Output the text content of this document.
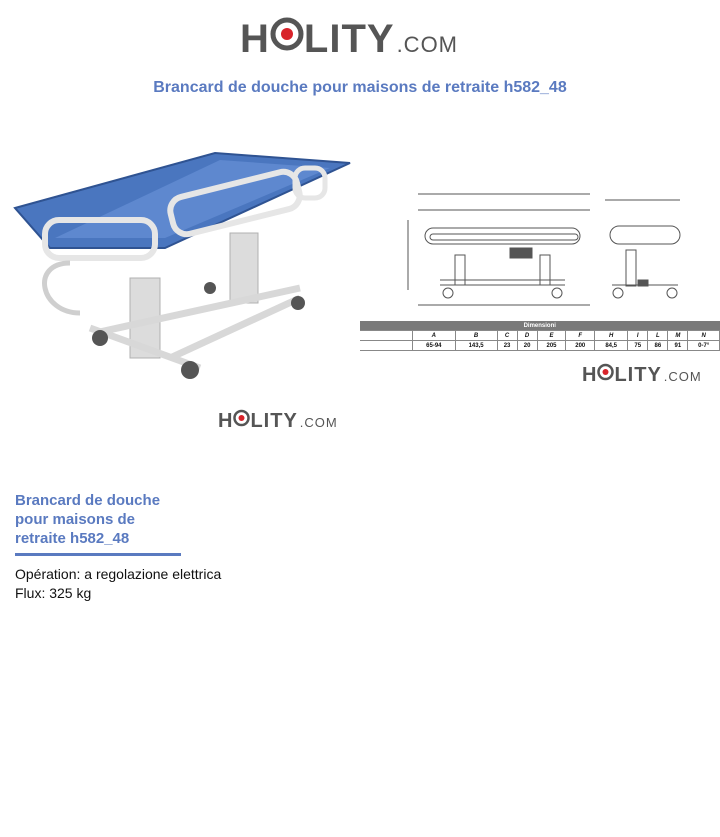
H LITY .COM
Brancard de douche pour maisons de retraite h582_48
H LITY .COM
Dimensioni											
	A	B	C	D	E	F	H	I	L	M	N
	65-94	143,5	23	20	205	200	84,5	75	86	91	0-7°
H LITY .COM
Brancard de douche pour maisons de retraite h582_48
Opération: a regolazione elettrica
Flux: 325 kg
